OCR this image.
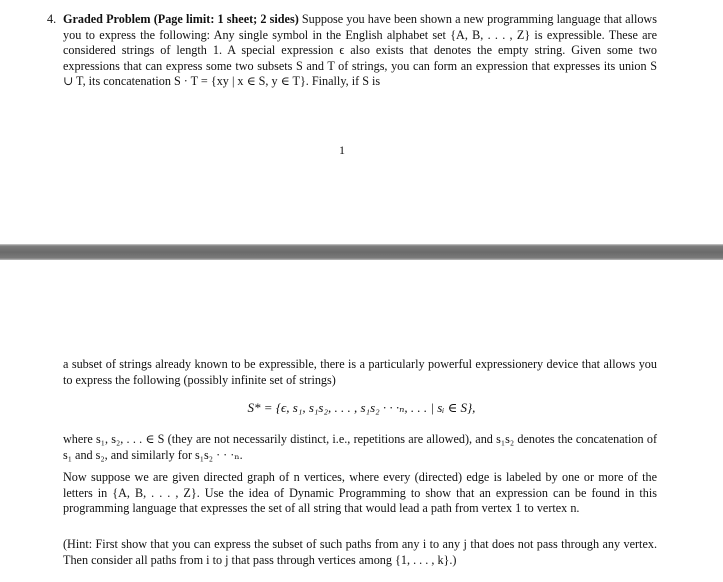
4. Graded Problem (Page limit: 1 sheet; 2 sides) Suppose you have been shown a new programming language that allows you to express the following: Any single symbol in the English alphabet set {A, B, . . . , Z} is expressible. These are considered strings of length 1. A special expression ϵ also exists that denotes the empty string. Given some two expressions that can express some two subsets S and T of strings, you can form an expression that expresses its union S ∪ T, its concatenation S · T = {xy | x ∈ S, y ∈ T}. Finally, if S is
1
a subset of strings already known to be expressible, there is a particularly powerful expressionery device that allows you to express the following (possibly infinite set of strings)
S* = {ϵ, s₁, s₁s₂, . . . , s₁s₂ · · ·ₙ, . . . | sᵢ ∈ S},
where s₁, s₂, . . . ∈ S (they are not necessarily distinct, i.e., repetitions are allowed), and s₁s₂ denotes the concatenation of s₁ and s₂, and similarly for s₁s₂ · · ·ₙ.
Now suppose we are given directed graph of n vertices, where every (directed) edge is labeled by one or more of the letters in {A, B, . . . , Z}. Use the idea of Dynamic Programming to show that an expression can be found in this programming language that expresses the set of all string that would lead a path from vertex 1 to vertex n.
(Hint: First show that you can express the subset of such paths from any i to any j that does not pass through any vertex. Then consider all paths from i to j that pass through vertices among {1, . . . , k}.)
